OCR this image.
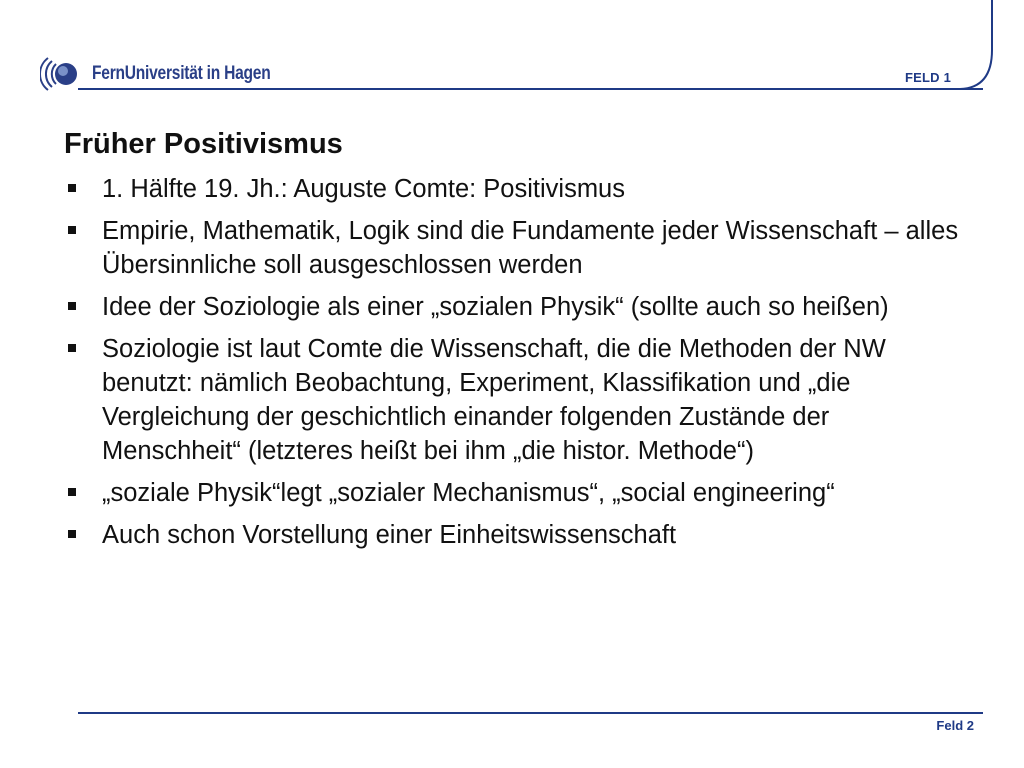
FernUniversität in Hagen	FELD 1
Früher Positivismus
1. Hälfte 19. Jh.: Auguste Comte: Positivismus
Empirie, Mathematik, Logik sind die Fundamente jeder Wissenschaft – alles Übersinnliche soll ausgeschlossen werden
Idee der Soziologie als einer „sozialen Physik“ (sollte auch so heißen)
Soziologie ist laut Comte die Wissenschaft, die die Methoden der NW benutzt: nämlich Beobachtung, Experiment, Klassifikation und „die Vergleichung der geschichtlich einander folgenden Zustände der Menschheit“ (letzteres heißt bei ihm „die histor. Methode“)
„soziale Physik“legt „sozialer Mechanismus“, „social engineering“
Auch schon Vorstellung einer Einheitswissenschaft
Feld 2
